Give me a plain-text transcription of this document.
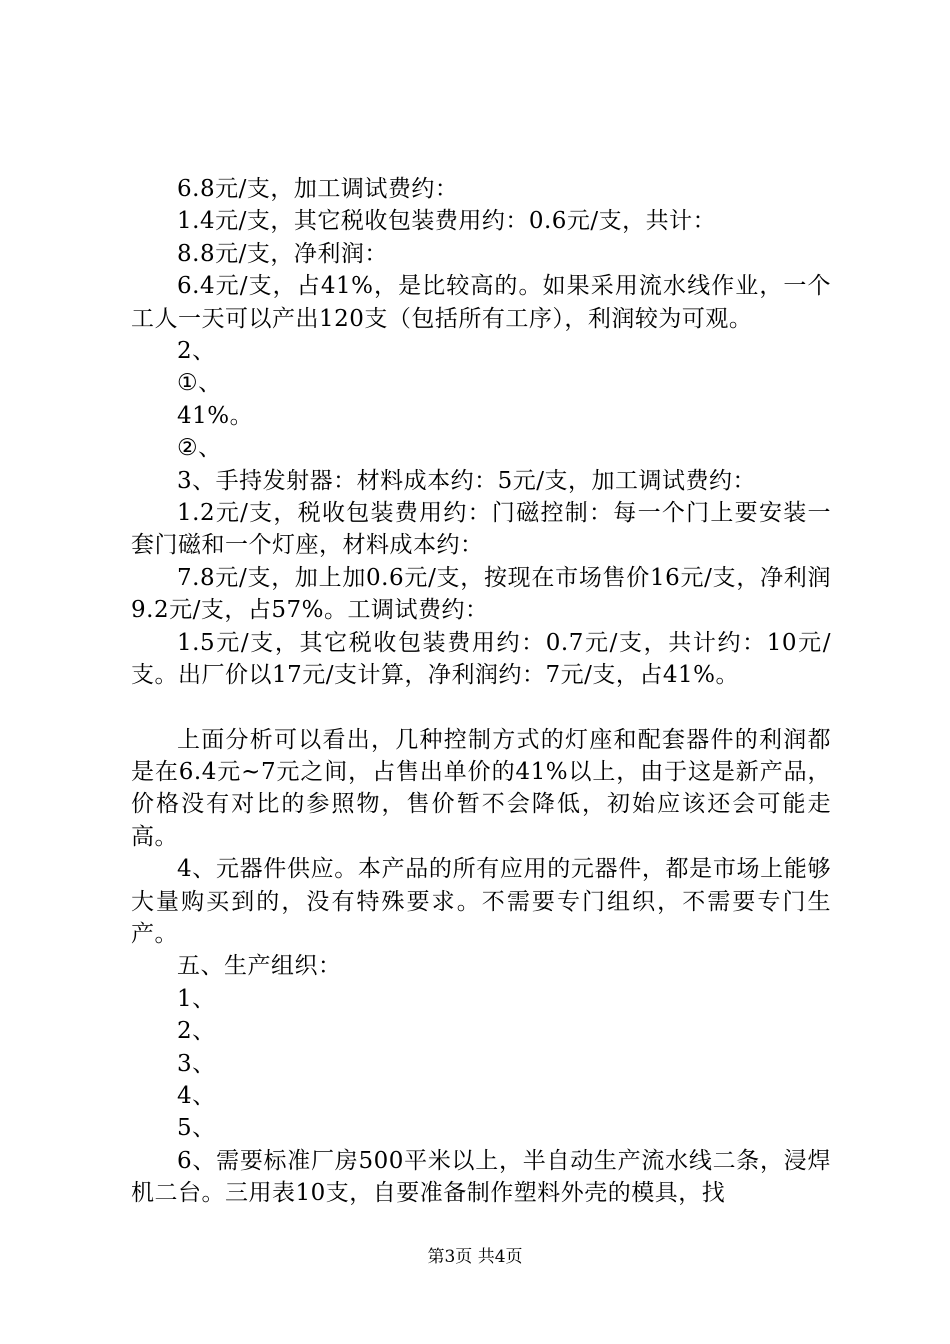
6.8元/支，加工调试费约：

1.4元/支，其它税收包装费用约：0.6元/支，共计：

8.8元/支，净利润：

6.4元/支，占41%，是比较高的。如果采用流水线作业，一个工人一天可以产出120支（包括所有工序），利润较为可观。

2、

①、

41%。

②、

3、手持发射器：材料成本约：5元/支，加工调试费约：

1.2元/支，税收包装费用约：门磁控制：每一个门上要安装一套门磁和一个灯座，材料成本约：

7.8元/支，加上加0.6元/支，按现在市场售价16元/支，净利润9.2元/支，占57%。工调试费约：

1.5元/支，其它税收包装费用约：0.7元/支，共计约：10元/支。出厂价以17元/支计算，净利润约：7元/支，占41%。

上面分析可以看出，几种控制方式的灯座和配套器件的利润都是在6.4元~7元之间，占售出单价的41%以上，由于这是新产品，价格没有对比的参照物，售价暂不会降低，初始应该还会可能走高。

4、元器件供应。本产品的所有应用的元器件，都是市场上能够大量购买到的，没有特殊要求。不需要专门组织，不需要专门生产。

五、生产组织：

1、

2、

3、

4、

5、

6、需要标准厂房500平米以上，半自动生产流水线二条，浸焊机二台。三用表10支，自要准备制作塑料外壳的模具，找

第3页 共4页
